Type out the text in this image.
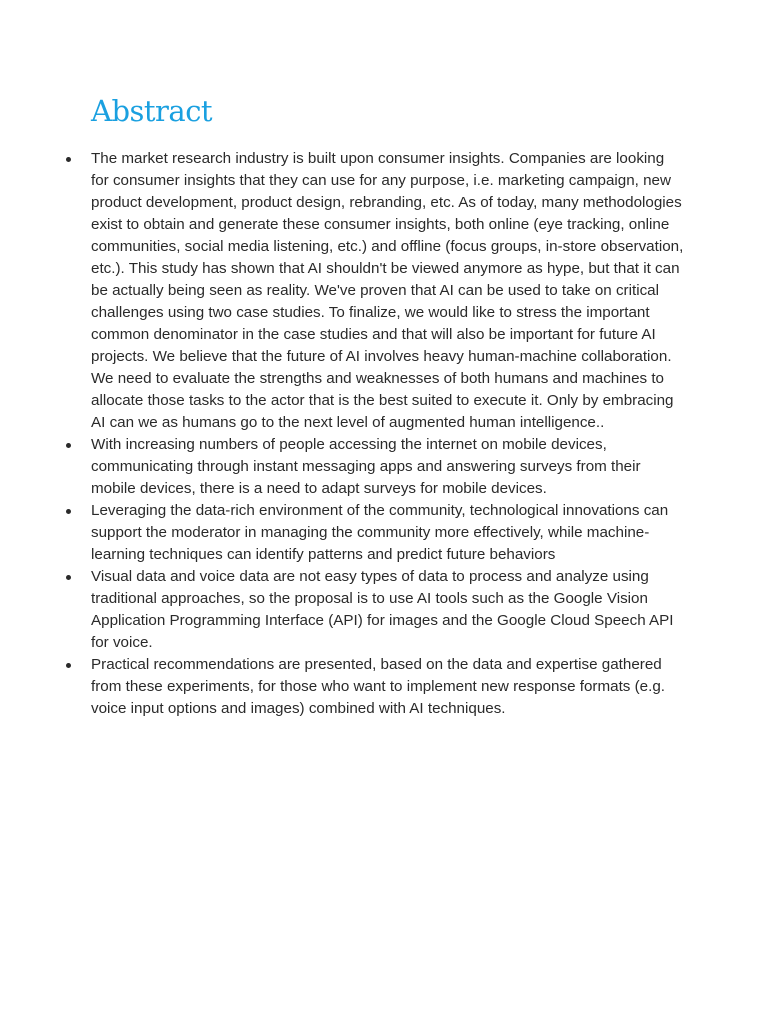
Abstract
The market research industry is built upon consumer insights. Companies are looking for consumer insights that they can use for any purpose, i.e. marketing campaign, new product development, product design, rebranding, etc. As of today, many methodologies exist to obtain and generate these consumer insights, both online (eye tracking, online communities, social media listening, etc.) and offline (focus groups, in-store observation, etc.). This study has shown that AI shouldn't be viewed anymore as hype, but that it can be actually being seen as reality. We've proven that AI can be used to take on critical challenges using two case studies. To finalize, we would like to stress the important common denominator in the case studies and that will also be important for future AI projects. We believe that the future of AI involves heavy human-machine collaboration. We need to evaluate the strengths and weaknesses of both humans and machines to allocate those tasks to the actor that is the best suited to execute it. Only by embracing AI can we as humans go to the next level of augmented human intelligence..
With increasing numbers of people accessing the internet on mobile devices, communicating through instant messaging apps and answering surveys from their mobile devices, there is a need to adapt surveys for mobile devices.
Leveraging the data-rich environment of the community, technological innovations can support the moderator in managing the community more effectively, while machine-learning techniques can identify patterns and predict future behaviors
Visual data and voice data are not easy types of data to process and analyze using traditional approaches, so the proposal is to use AI tools such as the Google Vision Application Programming Interface (API) for images and the Google Cloud Speech API for voice.
Practical recommendations are presented, based on the data and expertise gathered from these experiments, for those who want to implement new response formats (e.g. voice input options and images) combined with AI techniques.
